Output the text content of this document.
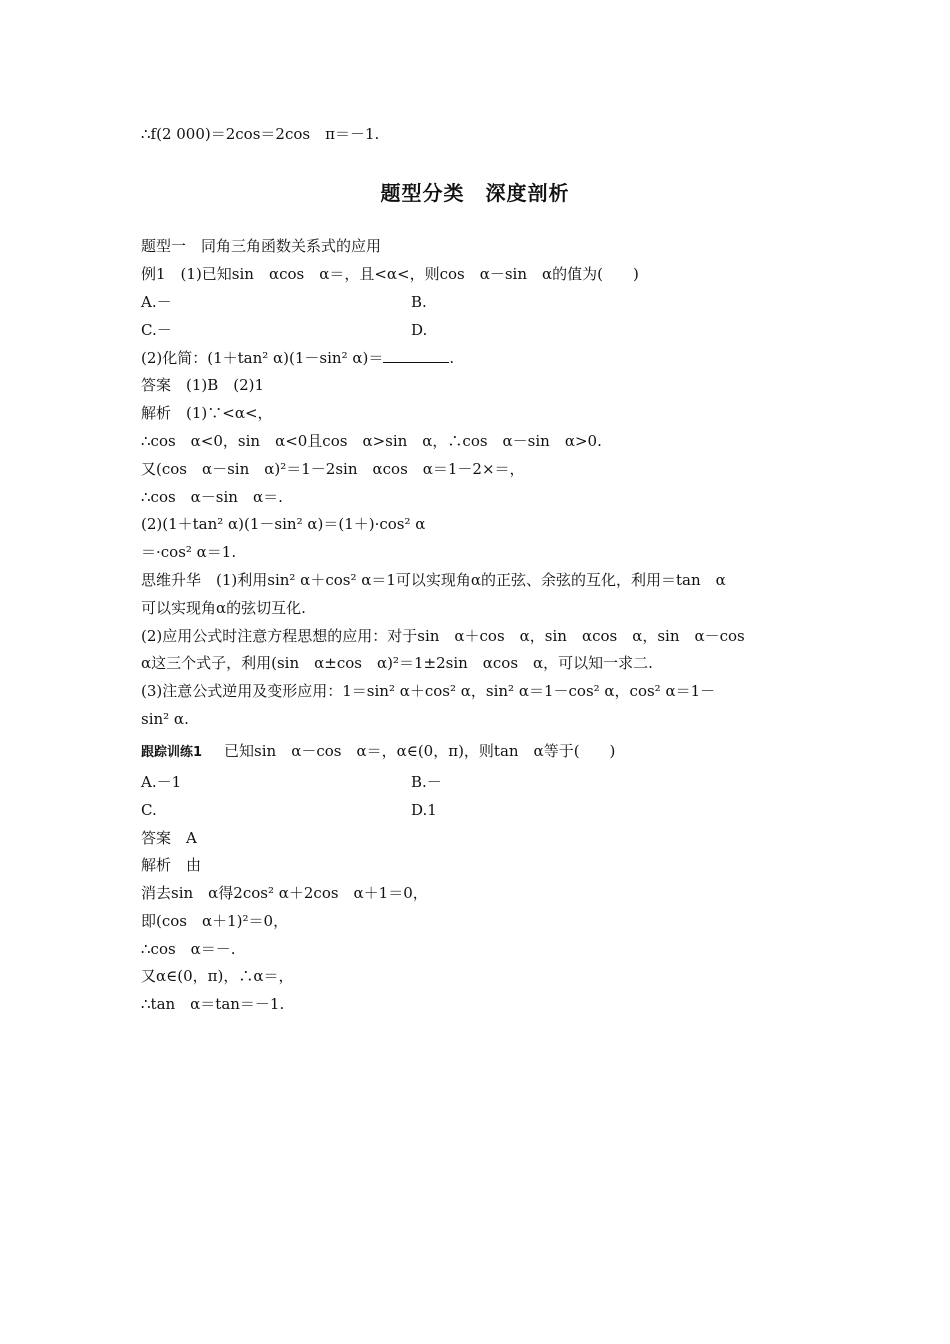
∴f(2 000)＝2cos＝2cos　π＝－1.
题型分类　深度剖析
题型一　同角三角函数关系式的应用
例1　(1)已知sin　αcos　α＝，且<α<，则cos　α－sin　α的值为(　　)
A.－	B.
C.－	D.
(2)化简：(1＋tan² α)(1－sin² α)＝	.
答案　(1)B　(2)1
解析　(1)∵<α<，
∴cos　α<0，sin　α<0且cos　α>sin　α，∴cos　α－sin　α>0.
又(cos　α－sin　α)²＝1－2sin　αcos　α＝1－2×＝，
∴cos　α－sin　α＝.
(2)(1＋tan² α)(1－sin² α)＝(1＋)·cos² α
＝·cos² α＝1.
思维升华　(1)利用sin² α＋cos² α＝1可以实现角α的正弦、余弦的互化，利用＝tan　α
可以实现角α的弦切互化.
(2)应用公式时注意方程思想的应用：对于sin　α＋cos　α，sin　αcos　α，sin　α－cos
α这三个式子，利用(sin　α±cos　α)²＝1±2sin　αcos　α，可以知一求二.
(3)注意公式逆用及变形应用：1＝sin² α＋cos² α，sin² α＝1－cos² α，cos² α＝1－
sin² α.
跟踪训练1 已知sin　α－cos　α＝，α∈(0，π)，则tan　α等于(　　)
A.－1	B.－
C.	D.1
答案　A
解析　由
消去sin　α得2cos² α＋2cos　α＋1＝0，
即(cos　α＋1)²＝0，
∴cos　α＝－.
又α∈(0，π)，∴α＝，
∴tan　α＝tan＝－1.
